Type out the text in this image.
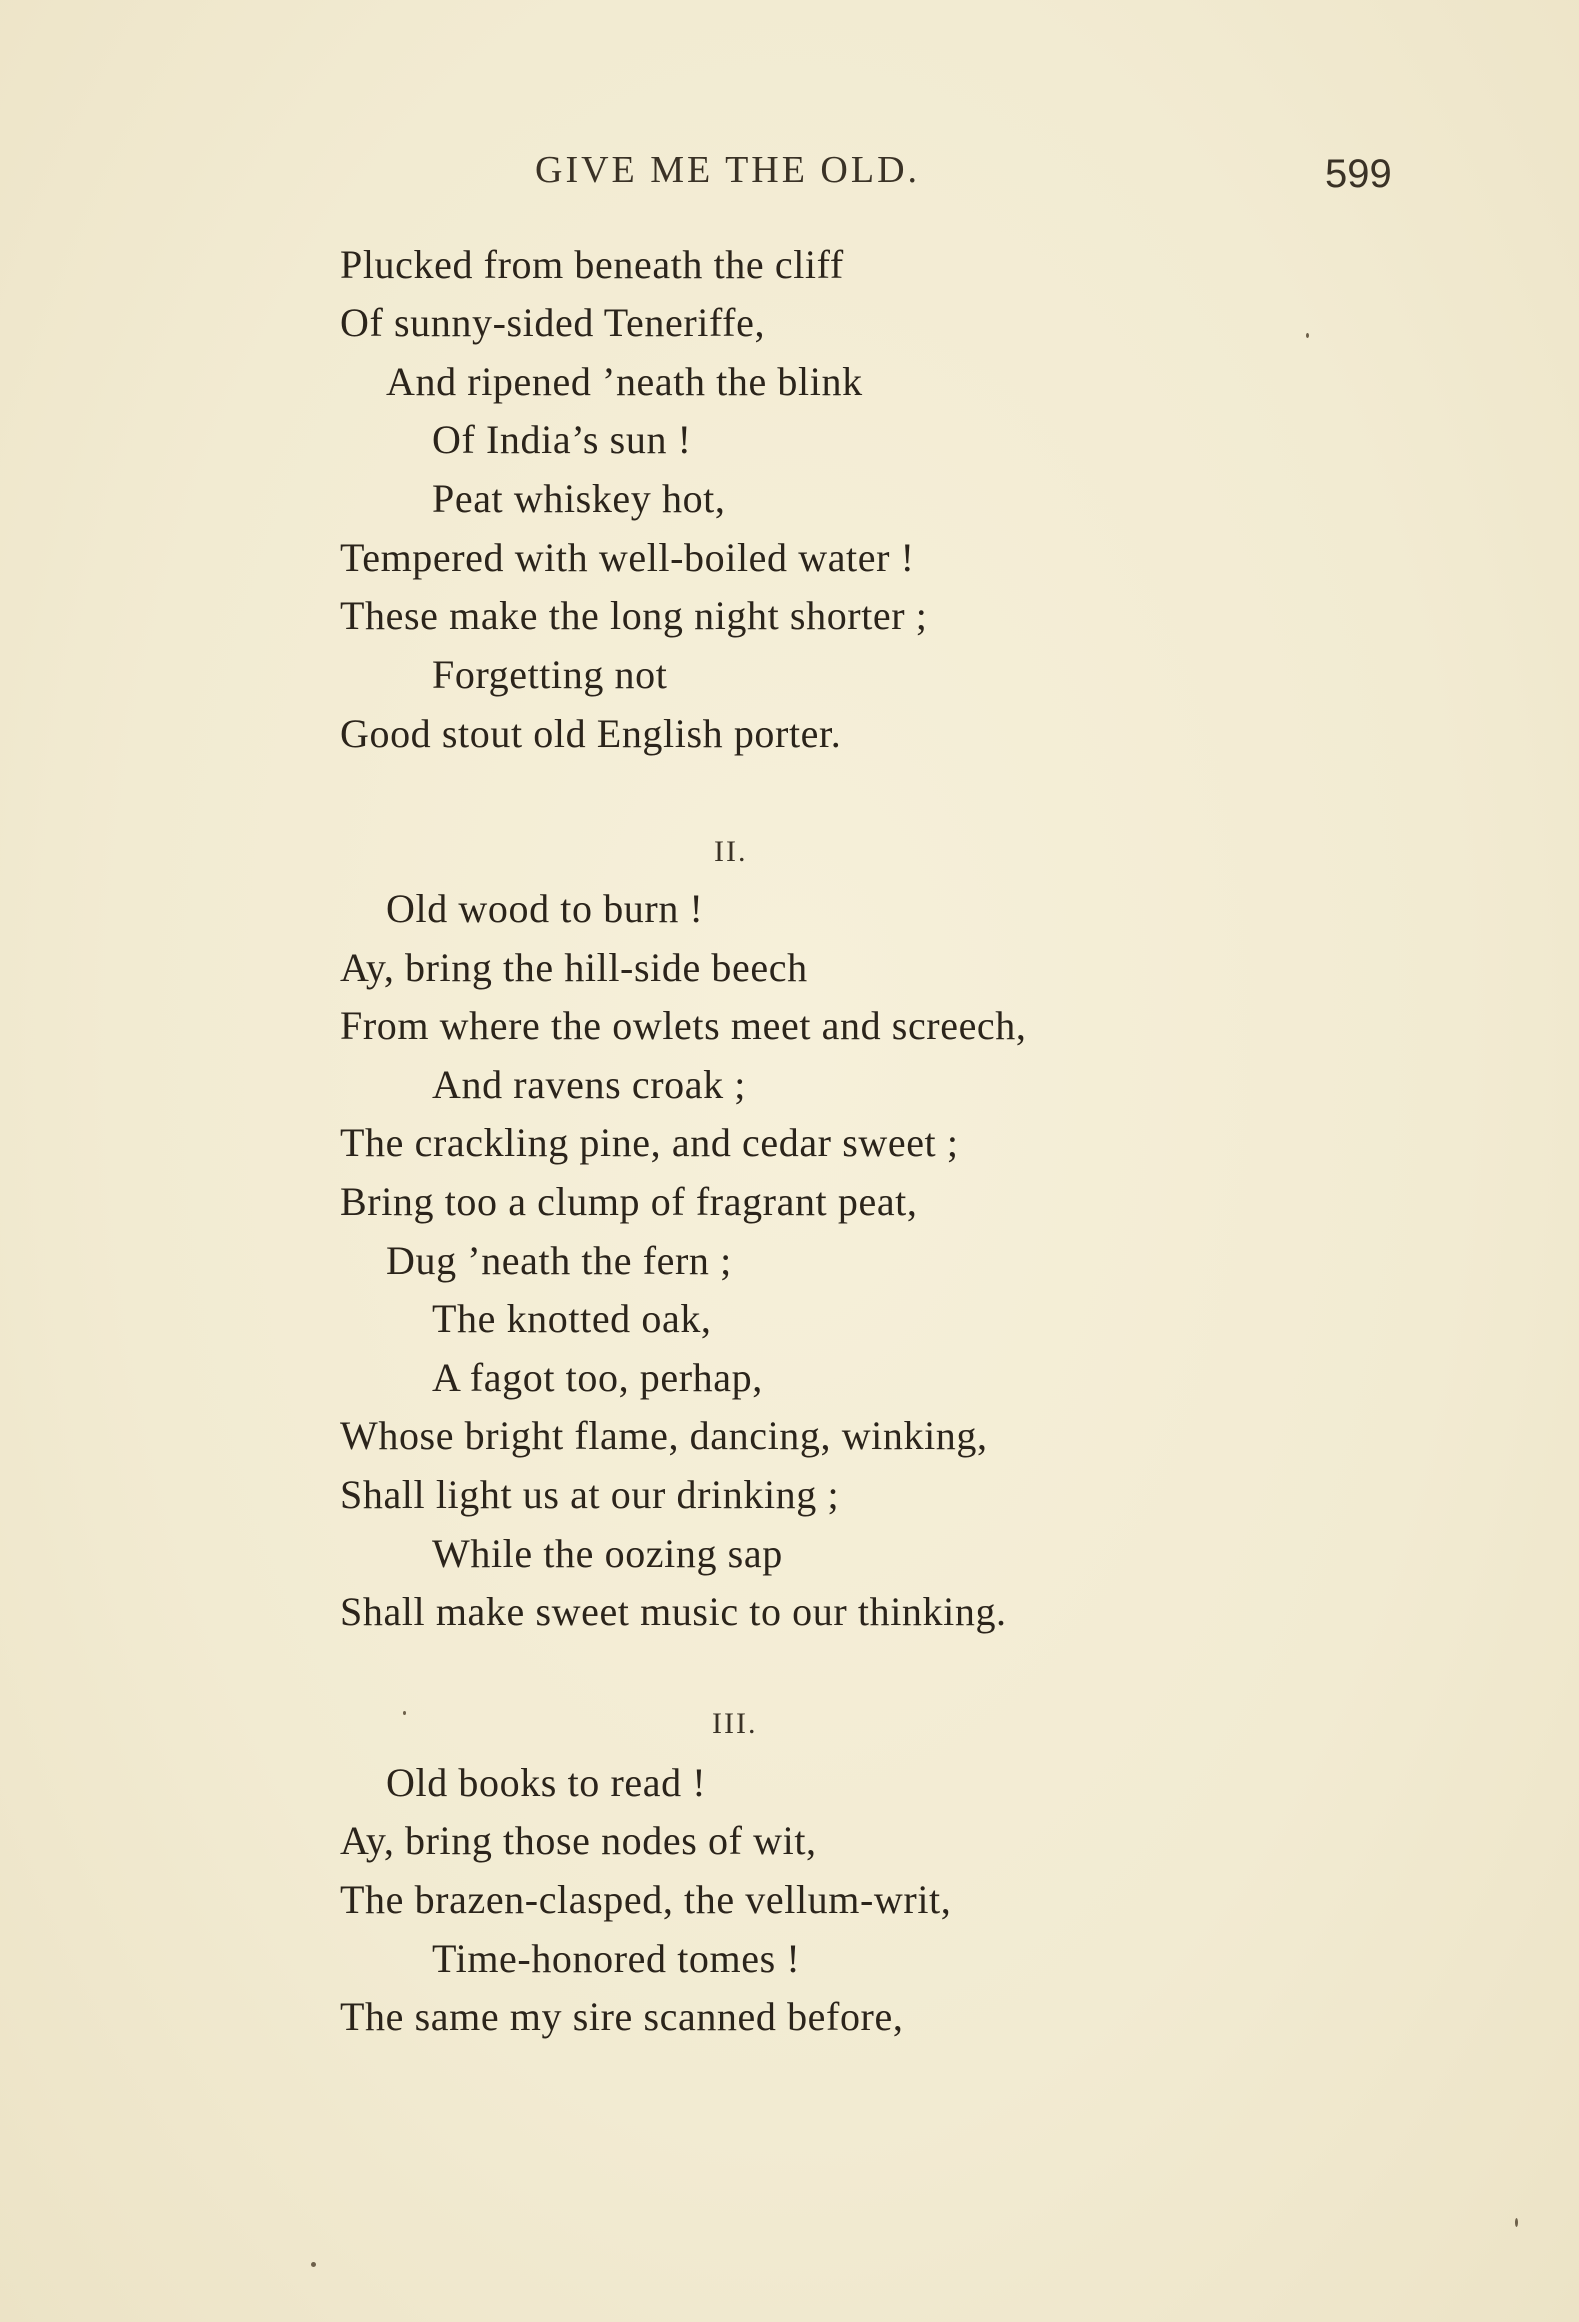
GIVE ME THE OLD.	599
Plucked from beneath the cliff
Of sunny-sided Teneriffe,
And ripened ’neath the blink
Of India’s sun !
Peat whiskey hot,
Tempered with well-boiled water !
These make the long night shorter ;
Forgetting not
Good stout old English porter.
II.
Old wood to burn !
Ay, bring the hill-side beech
From where the owlets meet and screech,
And ravens croak ;
The crackling pine, and cedar sweet ;
Bring too a clump of fragrant peat,
Dug ’neath the fern ;
The knotted oak,
A fagot too, perhap,
Whose bright flame, dancing, winking,
Shall light us at our drinking ;
While the oozing sap
Shall make sweet music to our thinking.
III.
Old books to read !
Ay, bring those nodes of wit,
The brazen-clasped, the vellum-writ,
Time-honored tomes !
The same my sire scanned before,
